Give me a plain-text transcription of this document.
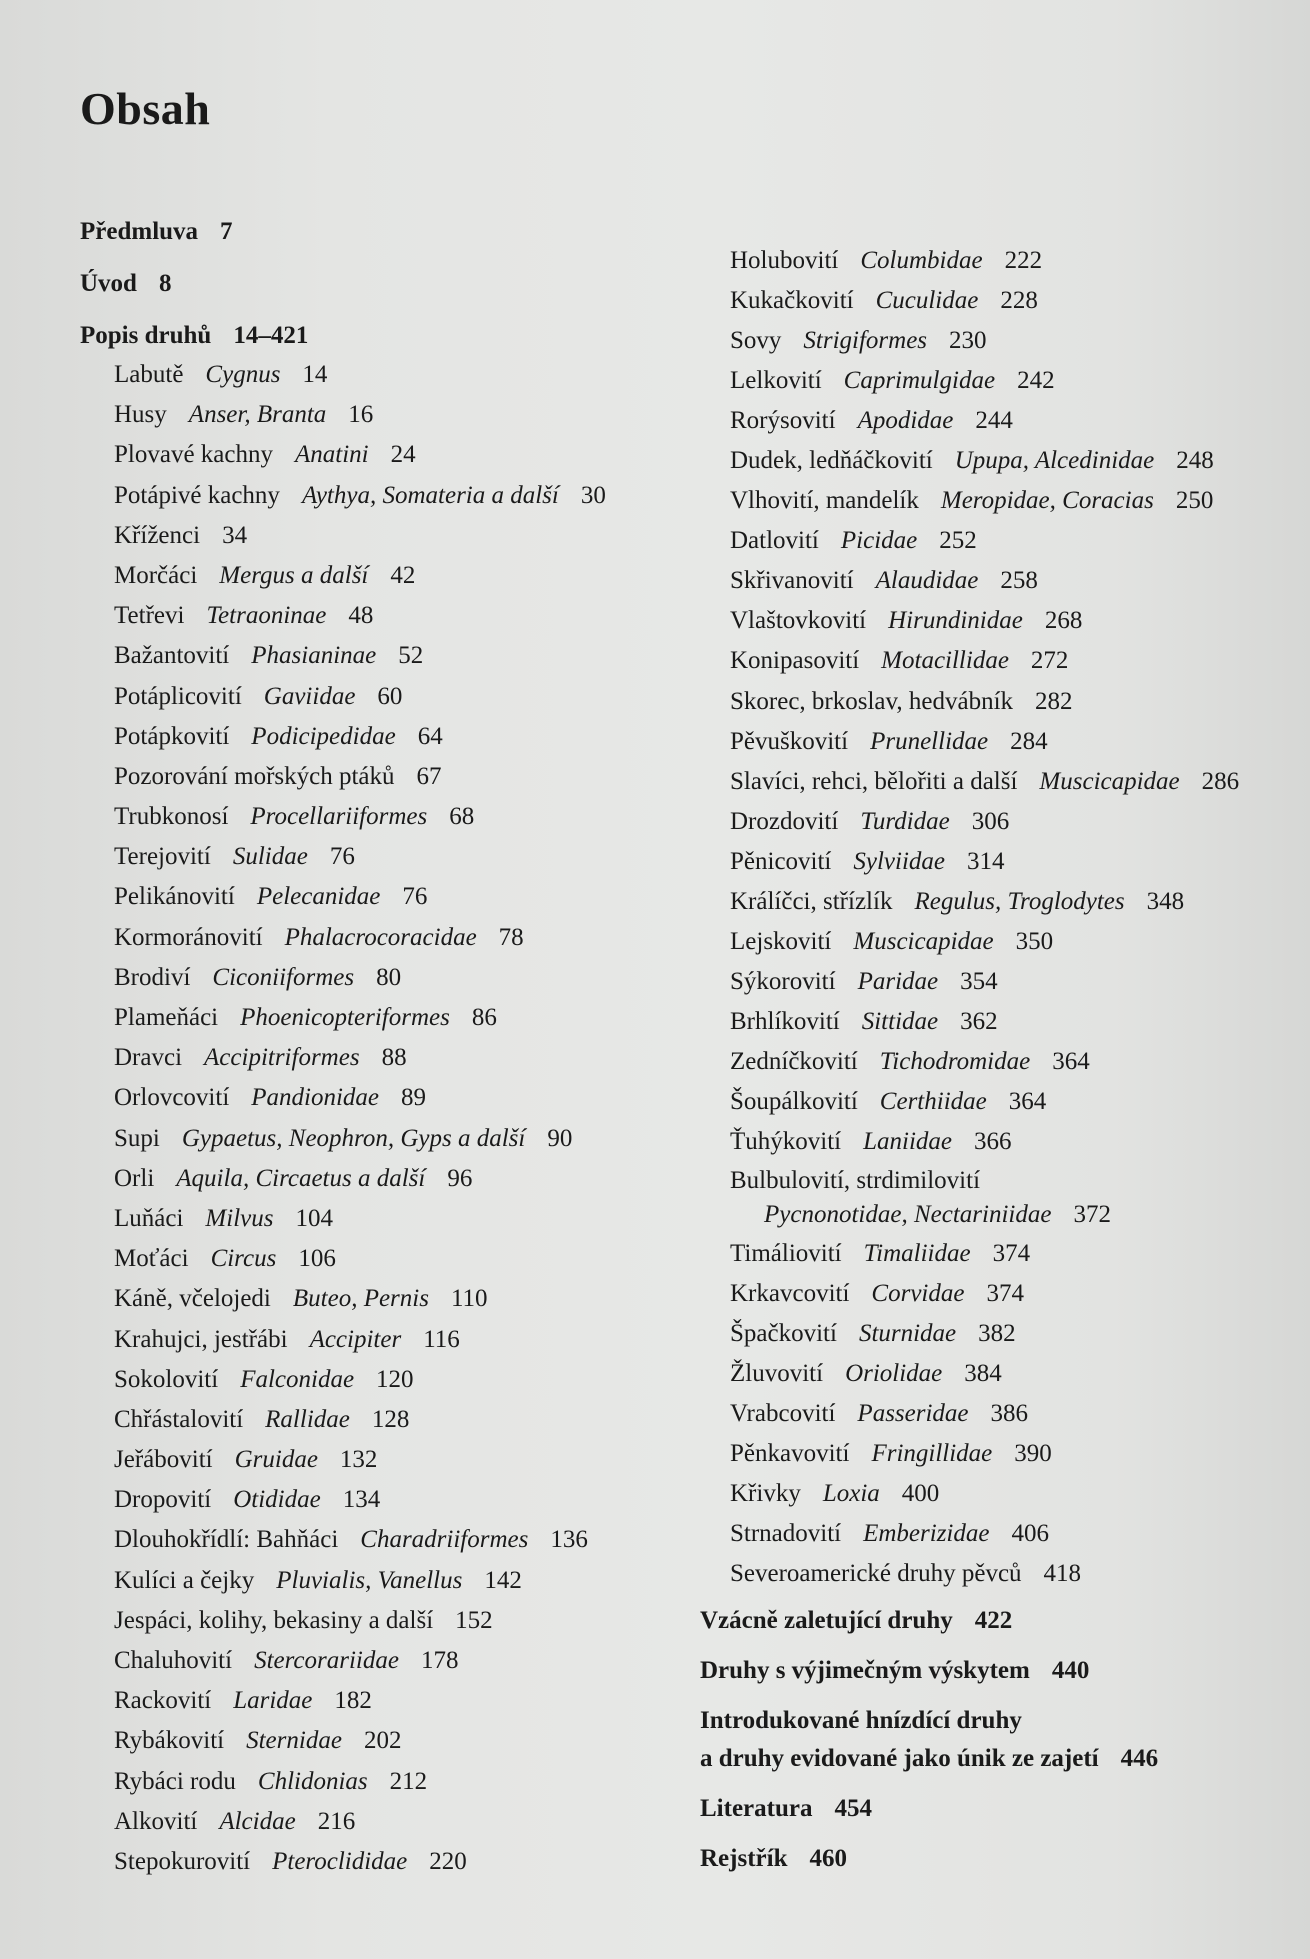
Obsah
Předmluva 7
Úvod 8
Popis druhů 14–421
Labutě Cygnus 14
Husy Anser, Branta 16
Plovavé kachny Anatini 24
Potápivé kachny Aythya, Somateria a další 30
Kříženci 34
Morčáci Mergus a další 42
Tetřevi Tetraoninae 48
Bažantovití Phasianinae 52
Potáplicovití Gaviidae 60
Potápkovití Podicipedidae 64
Pozorování mořských ptáků 67
Trubkonosí Procellariiformes 68
Terejovití Sulidae 76
Pelikánovití Pelecanidae 76
Kormoránovití Phalacrocoracidae 78
Brodiví Ciconiiformes 80
Plameňáci Phoenicopteriformes 86
Dravci Accipitriformes 88
Orlovcovití Pandionidae 89
Supi Gypaetus, Neophron, Gyps a další 90
Orli Aquila, Circaetus a další 96
Luňáci Milvus 104
Moťáci Circus 106
Káně, včelojedi Buteo, Pernis 110
Krahujci, jestřábi Accipiter 116
Sokolovití Falconidae 120
Chřástalovití Rallidae 128
Jeřábovití Gruidae 132
Dropovití Otididae 134
Dlouhokřídlí: Bahňáci Charadriiformes 136
Kulíci a čejky Pluvialis, Vanellus 142
Jespáci, kolihy, bekasiny a další 152
Chaluhovití Stercorariidae 178
Rackovití Laridae 182
Rybákovití Sternidae 202
Rybáci rodu Chlidonias 212
Alkovití Alcidae 216
Stepokurovití Pteroclididae 220
Holubovití Columbidae 222
Kukačkovití Cuculidae 228
Sovy Strigiformes 230
Lelkovití Caprimulgidae 242
Rorýsovití Apodidae 244
Dudek, ledňáčkovití Upupa, Alcedinidae 248
Vlhovití, mandelík Meropidae, Coracias 250
Datlovití Picidae 252
Skřivanovití Alaudidae 258
Vlaštovkovití Hirundinidae 268
Konipasovití Motacillidae 272
Skorec, brkoslav, hedvábník 282
Pěvuškovití Prunellidae 284
Slavíci, rehci, bělořiti a další Muscicapidae 286
Drozdovití Turdidae 306
Pěnicovití Sylviidae 314
Králíčci, střízlík Regulus, Troglodytes 348
Lejskovití Muscicapidae 350
Sýkorovití Paridae 354
Brhlíkovití Sittidae 362
Zedníčkovití Tichodromidae 364
Šoupálkovití Certhiidae 364
Ťuhýkovití Laniidae 366
Bulbulovití, strdimilovití
Pycnonotidae, Nectariniidae 372
Timáliovití Timaliidae 374
Krkavcovití Corvidae 374
Špačkovití Sturnidae 382
Žluvovití Oriolidae 384
Vrabcovití Passeridae 386
Pěnkavovití Fringillidae 390
Křivky Loxia 400
Strnadovití Emberizidae 406
Severoamerické druhy pěvců 418
Vzácně zaletující druhy 422
Druhy s výjimečným výskytem 440
Introdukované hnízdící druhy
a druhy evidované jako únik ze zajetí 446
Literatura 454
Rejstřík 460
